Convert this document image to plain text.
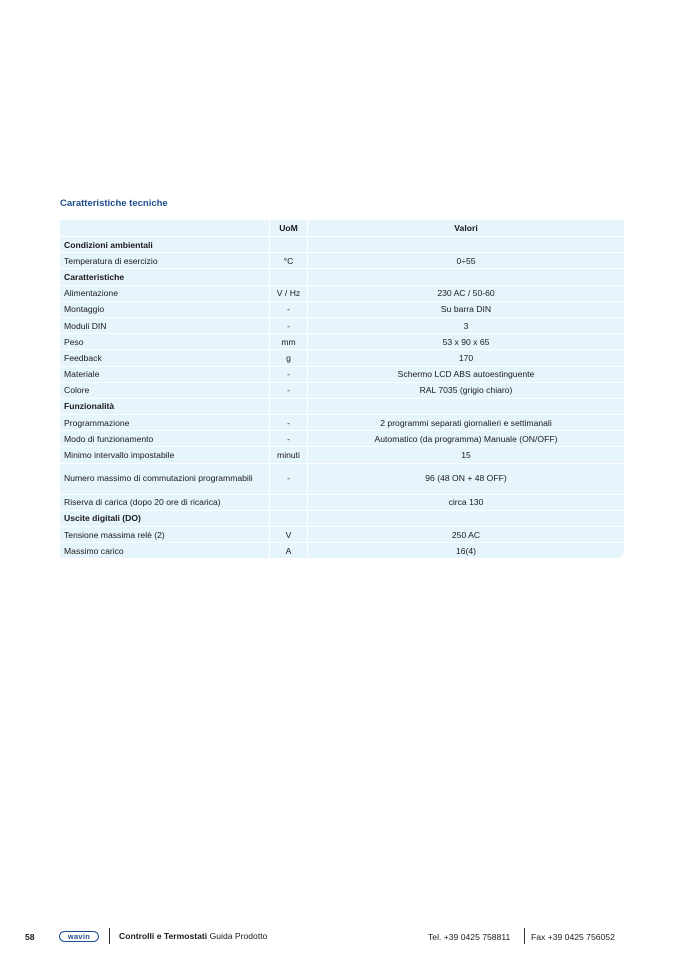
Caratteristiche tecniche
	UoM	Valori
Condizioni ambientali		
Temperatura di esercizio	°C	0÷55
Caratteristiche		
Alimentazione	V / Hz	230 AC / 50-60
Montaggio	-	Su barra DIN
Moduli DIN	-	3
Peso	mm	53 x 90 x 65
Feedback	g	170
Materiale	-	Schermo LCD ABS autoestinguente
Colore	-	RAL 7035 (grigio chiaro)
Funzionalità		
Programmazione	-	2 programmi separati giornalieri e settimanali
Modo di funzionamento	-	Automatico (da programma) Manuale (ON/OFF)
Minimo intervallo impostabile	minuti	15
Numero massimo di commutazioni programmabili	-	96 (48 ON + 48 OFF)
Riserva di carica (dopo 20 ore di ricarica)		circa 130
Uscite digitali (DO)		
Tensione massima relè (2)	V	250 AC
Massimo carico	A	16(4)
58	wavin	Controlli e Termostati Guida Prodotto	Tel. +39 0425 758811 Fax +39 0425 756052
